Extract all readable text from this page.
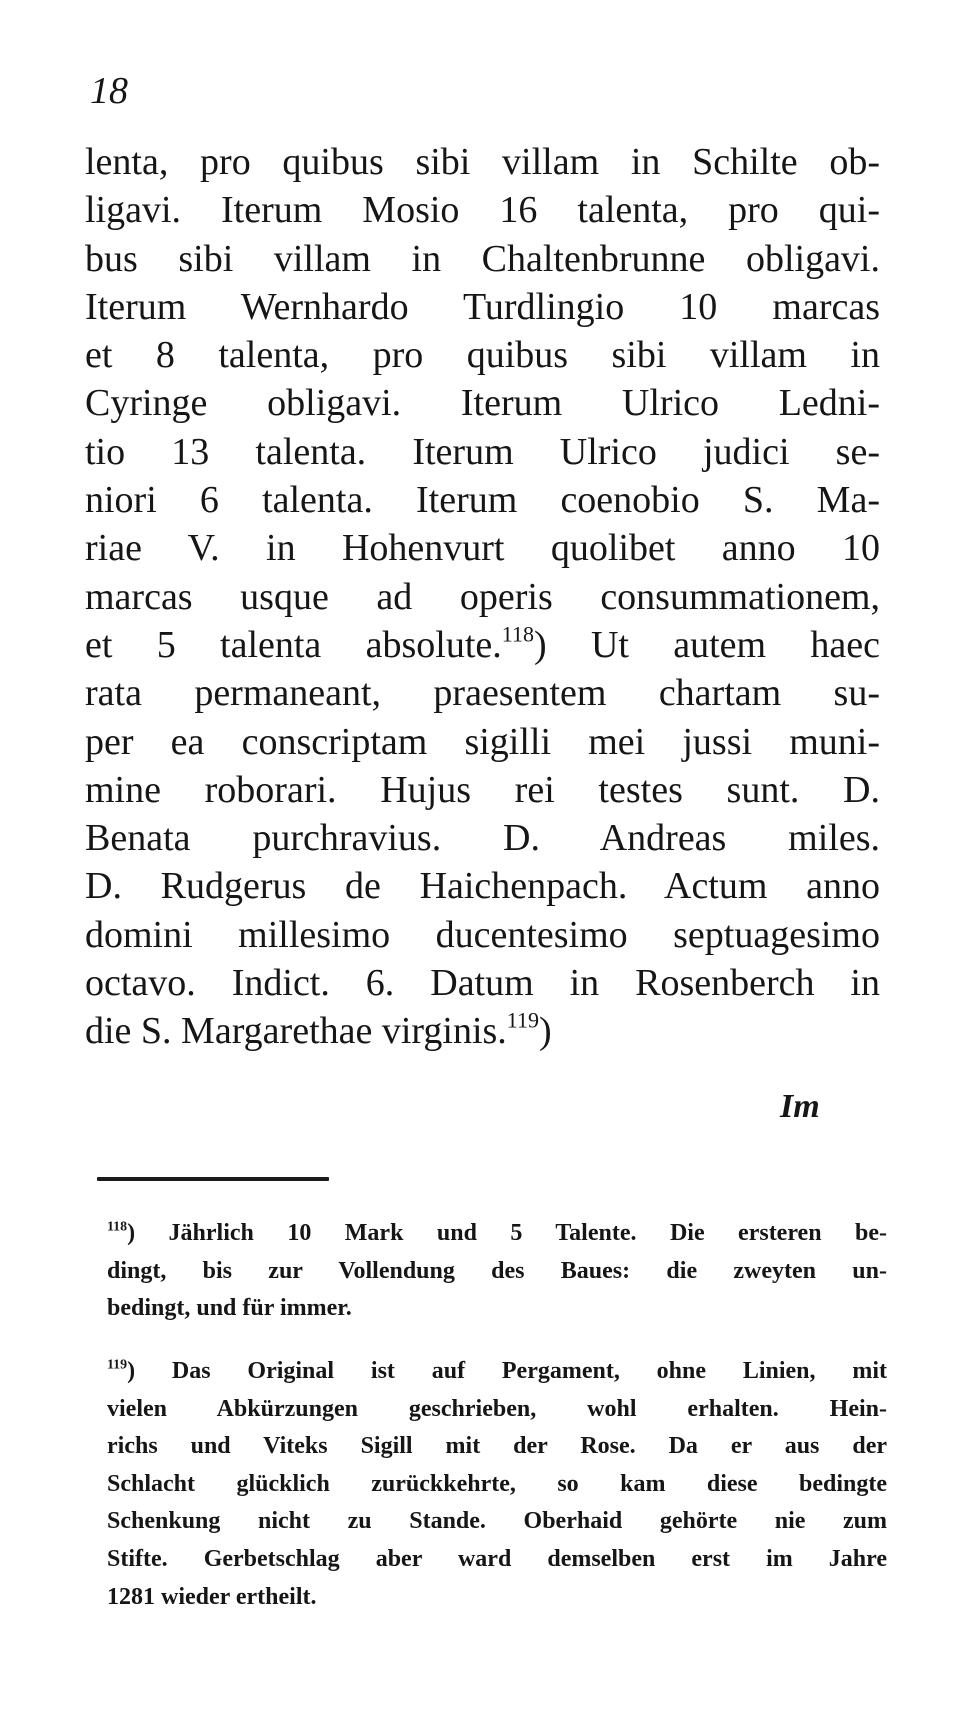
18
lenta, pro quibus sibi villam in Schilte ob-
ligavi. Iterum Mosio 16 talenta, pro qui-
bus sibi villam in Chaltenbrunne obligavi.
Iterum Wernhardo Turdlingio 10 marcas
et 8 talenta, pro quibus sibi villam in
Cyringe obligavi. Iterum Ulrico Ledni-
tio 13 talenta. Iterum Ulrico judici se-
niori 6 talenta. Iterum coenobio S. Ma-
riae V. in Hohenvurt quolibet anno 10
marcas usque ad operis consummationem,
et 5 talenta absolute.$^{118}$) Ut autem haec
rata permaneant, praesentem chartam su-
per ea conscriptam sigilli mei jussi muni-
mine roborari. Hujus rei testes sunt. D.
Benata purchravius. D. Andreas miles.
D. Rudgerus de Haichenpach. Actum anno
domini millesimo ducentesimo septuagesimo
octavo. Indict. 6. Datum in Rosenberch in
die S. Margarethae virginis.$^{119}$)
Im
$^{118}$) Jährlich 10 Mark und 5 Talente. Die ersteren be-
dingt, bis zur Vollendung des Baues: die zweyten un-
bedingt, und für immer.
$^{119}$) Das Original ist auf Pergament, ohne Linien, mit
vielen Abkürzungen geschrieben, wohl erhalten. Hein-
richs und Viteks Sigill mit der Rose. Da er aus der
Schlacht glücklich zurückkehrte, so kam diese bedingte
Schenkung nicht zu Stande. Oberhaid gehörte nie zum
Stifte. Gerbetschlag aber ward demselben erst im Jahre
1281 wieder ertheilt.
